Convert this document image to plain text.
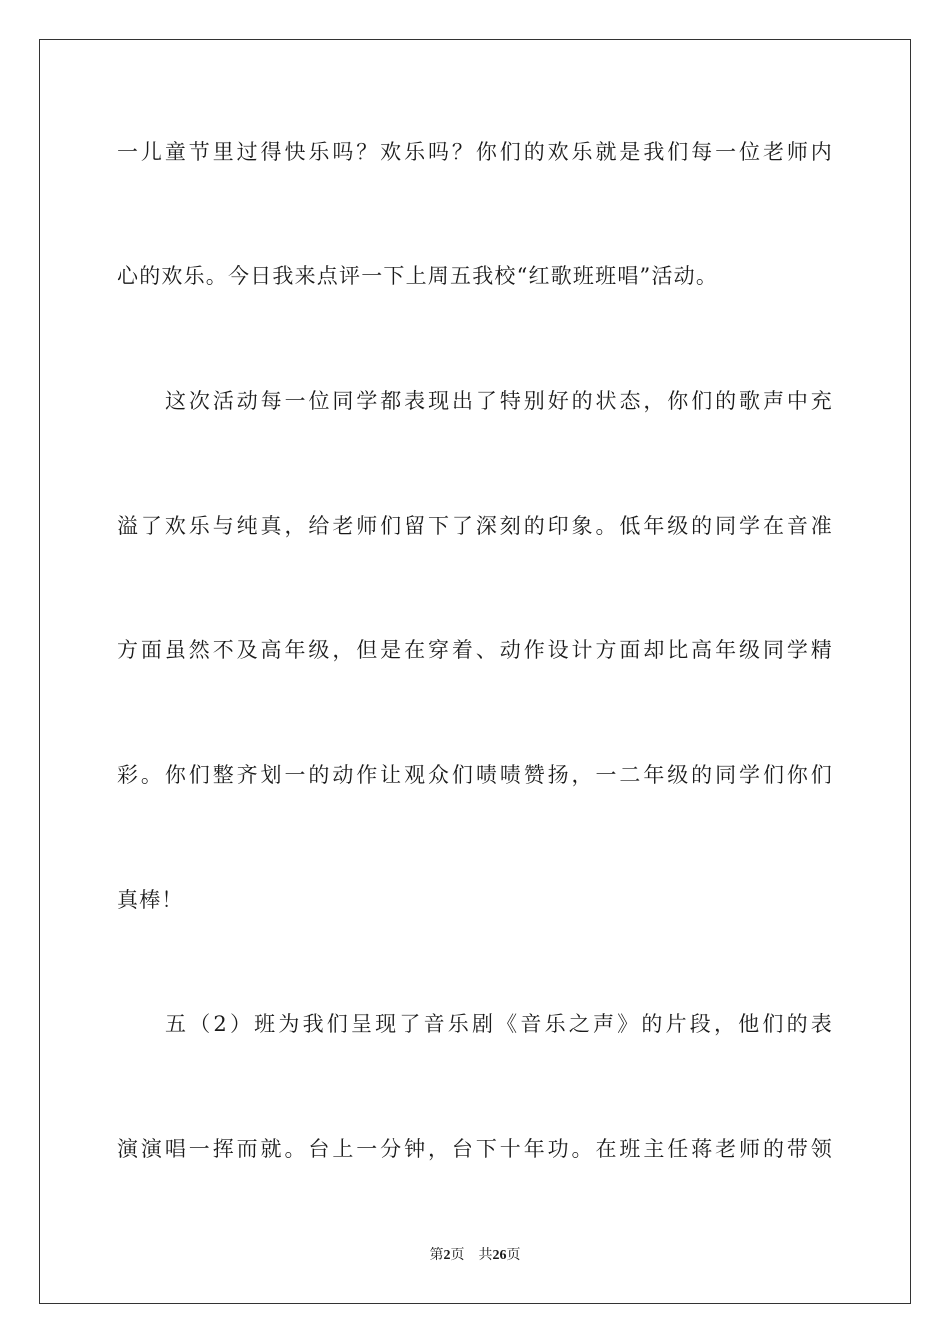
一儿童节里过得快乐吗？欢乐吗？你们的欢乐就是我们每一位老师内
心的欢乐。今日我来点评一下上周五我校“红歌班班唱”活动。
这次活动每一位同学都表现出了特别好的状态，你们的歌声中充
溢了欢乐与纯真，给老师们留下了深刻的印象。低年级的同学在音准
方面虽然不及高年级，但是在穿着、动作设计方面却比高年级同学精
彩。你们整齐划一的动作让观众们啧啧赞扬，一二年级的同学们你们
真棒！
五（2）班为我们呈现了音乐剧《音乐之声》的片段，他们的表
演演唱一挥而就。台上一分钟，台下十年功。在班主任蒋老师的带领
第2页 共26页
